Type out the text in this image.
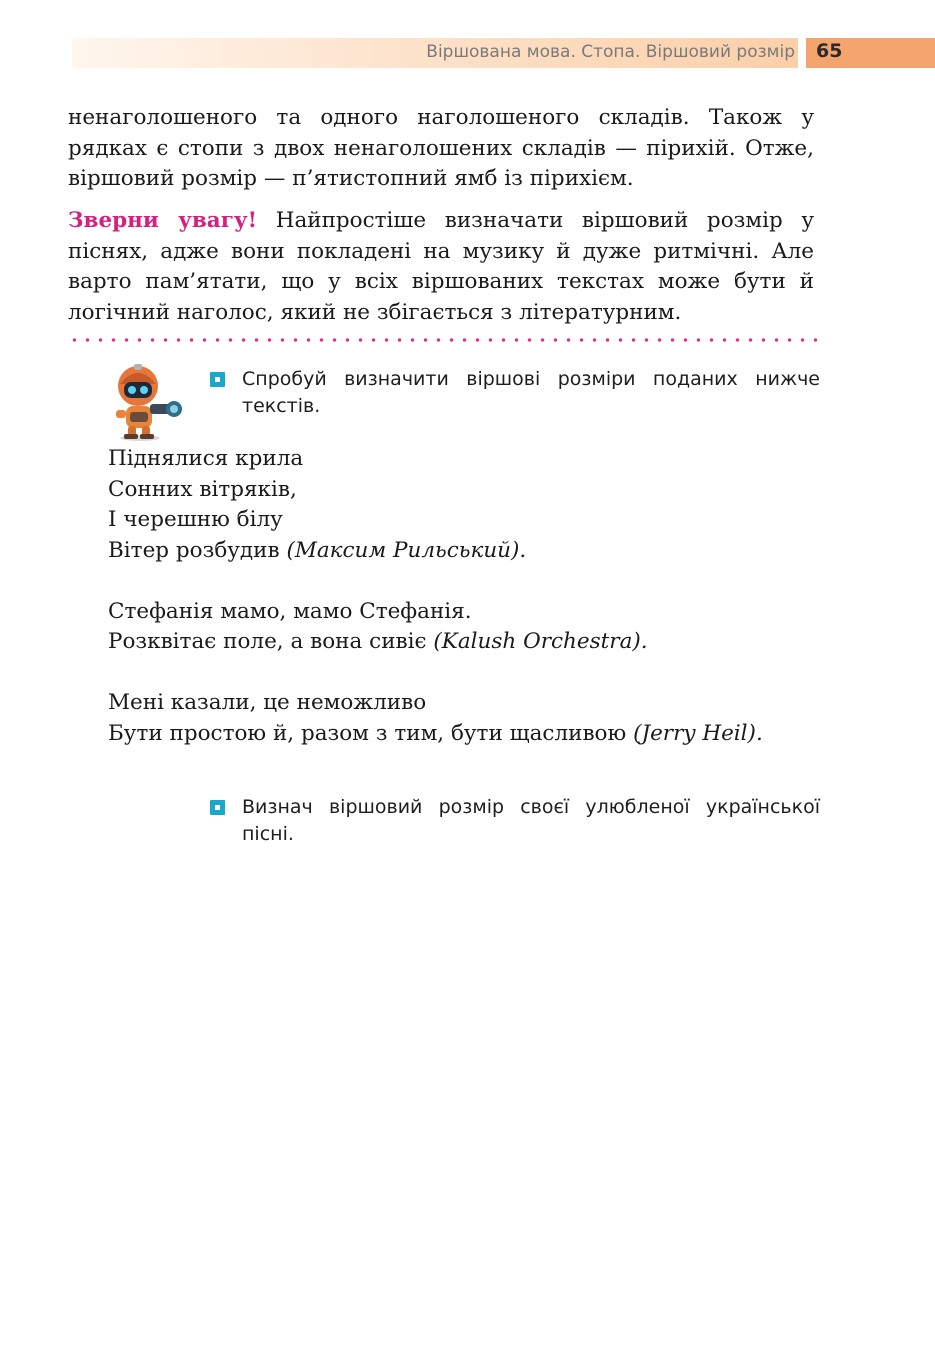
Віршована мова. Стопа. Віршовий розмір 65

ненаголошеного та одного наголошеного складів. Також у рядках є стопи з двох ненаголошених складів — пірихій. Отже, віршовий розмір — п’ятистопний ямб із пірихієм.

Зверни увагу! Найпростіше визначати віршовий розмір у піснях, адже вони покладені на музику й дуже ритмічні. Але варто пам’ятати, що у всіх віршованих текстах може бути й логічний наголос, який не збігається з літературним.

Спробуй визначити віршові розміри поданих нижче текстів.
Піднялися крила
Сонних вітряків,
І черешню білу
Вітер розбудив (Максим Рильський).
Стефанія мамо, мамо Стефанія.
Розквітає поле, а вона сивіє (Kalush Orchestra).
Мені казали, це неможливо
Бути простою й, разом з тим, бути щасливою (Jerry Heil).
Визнач віршовий розмір своєї улюбленої української пісні.
